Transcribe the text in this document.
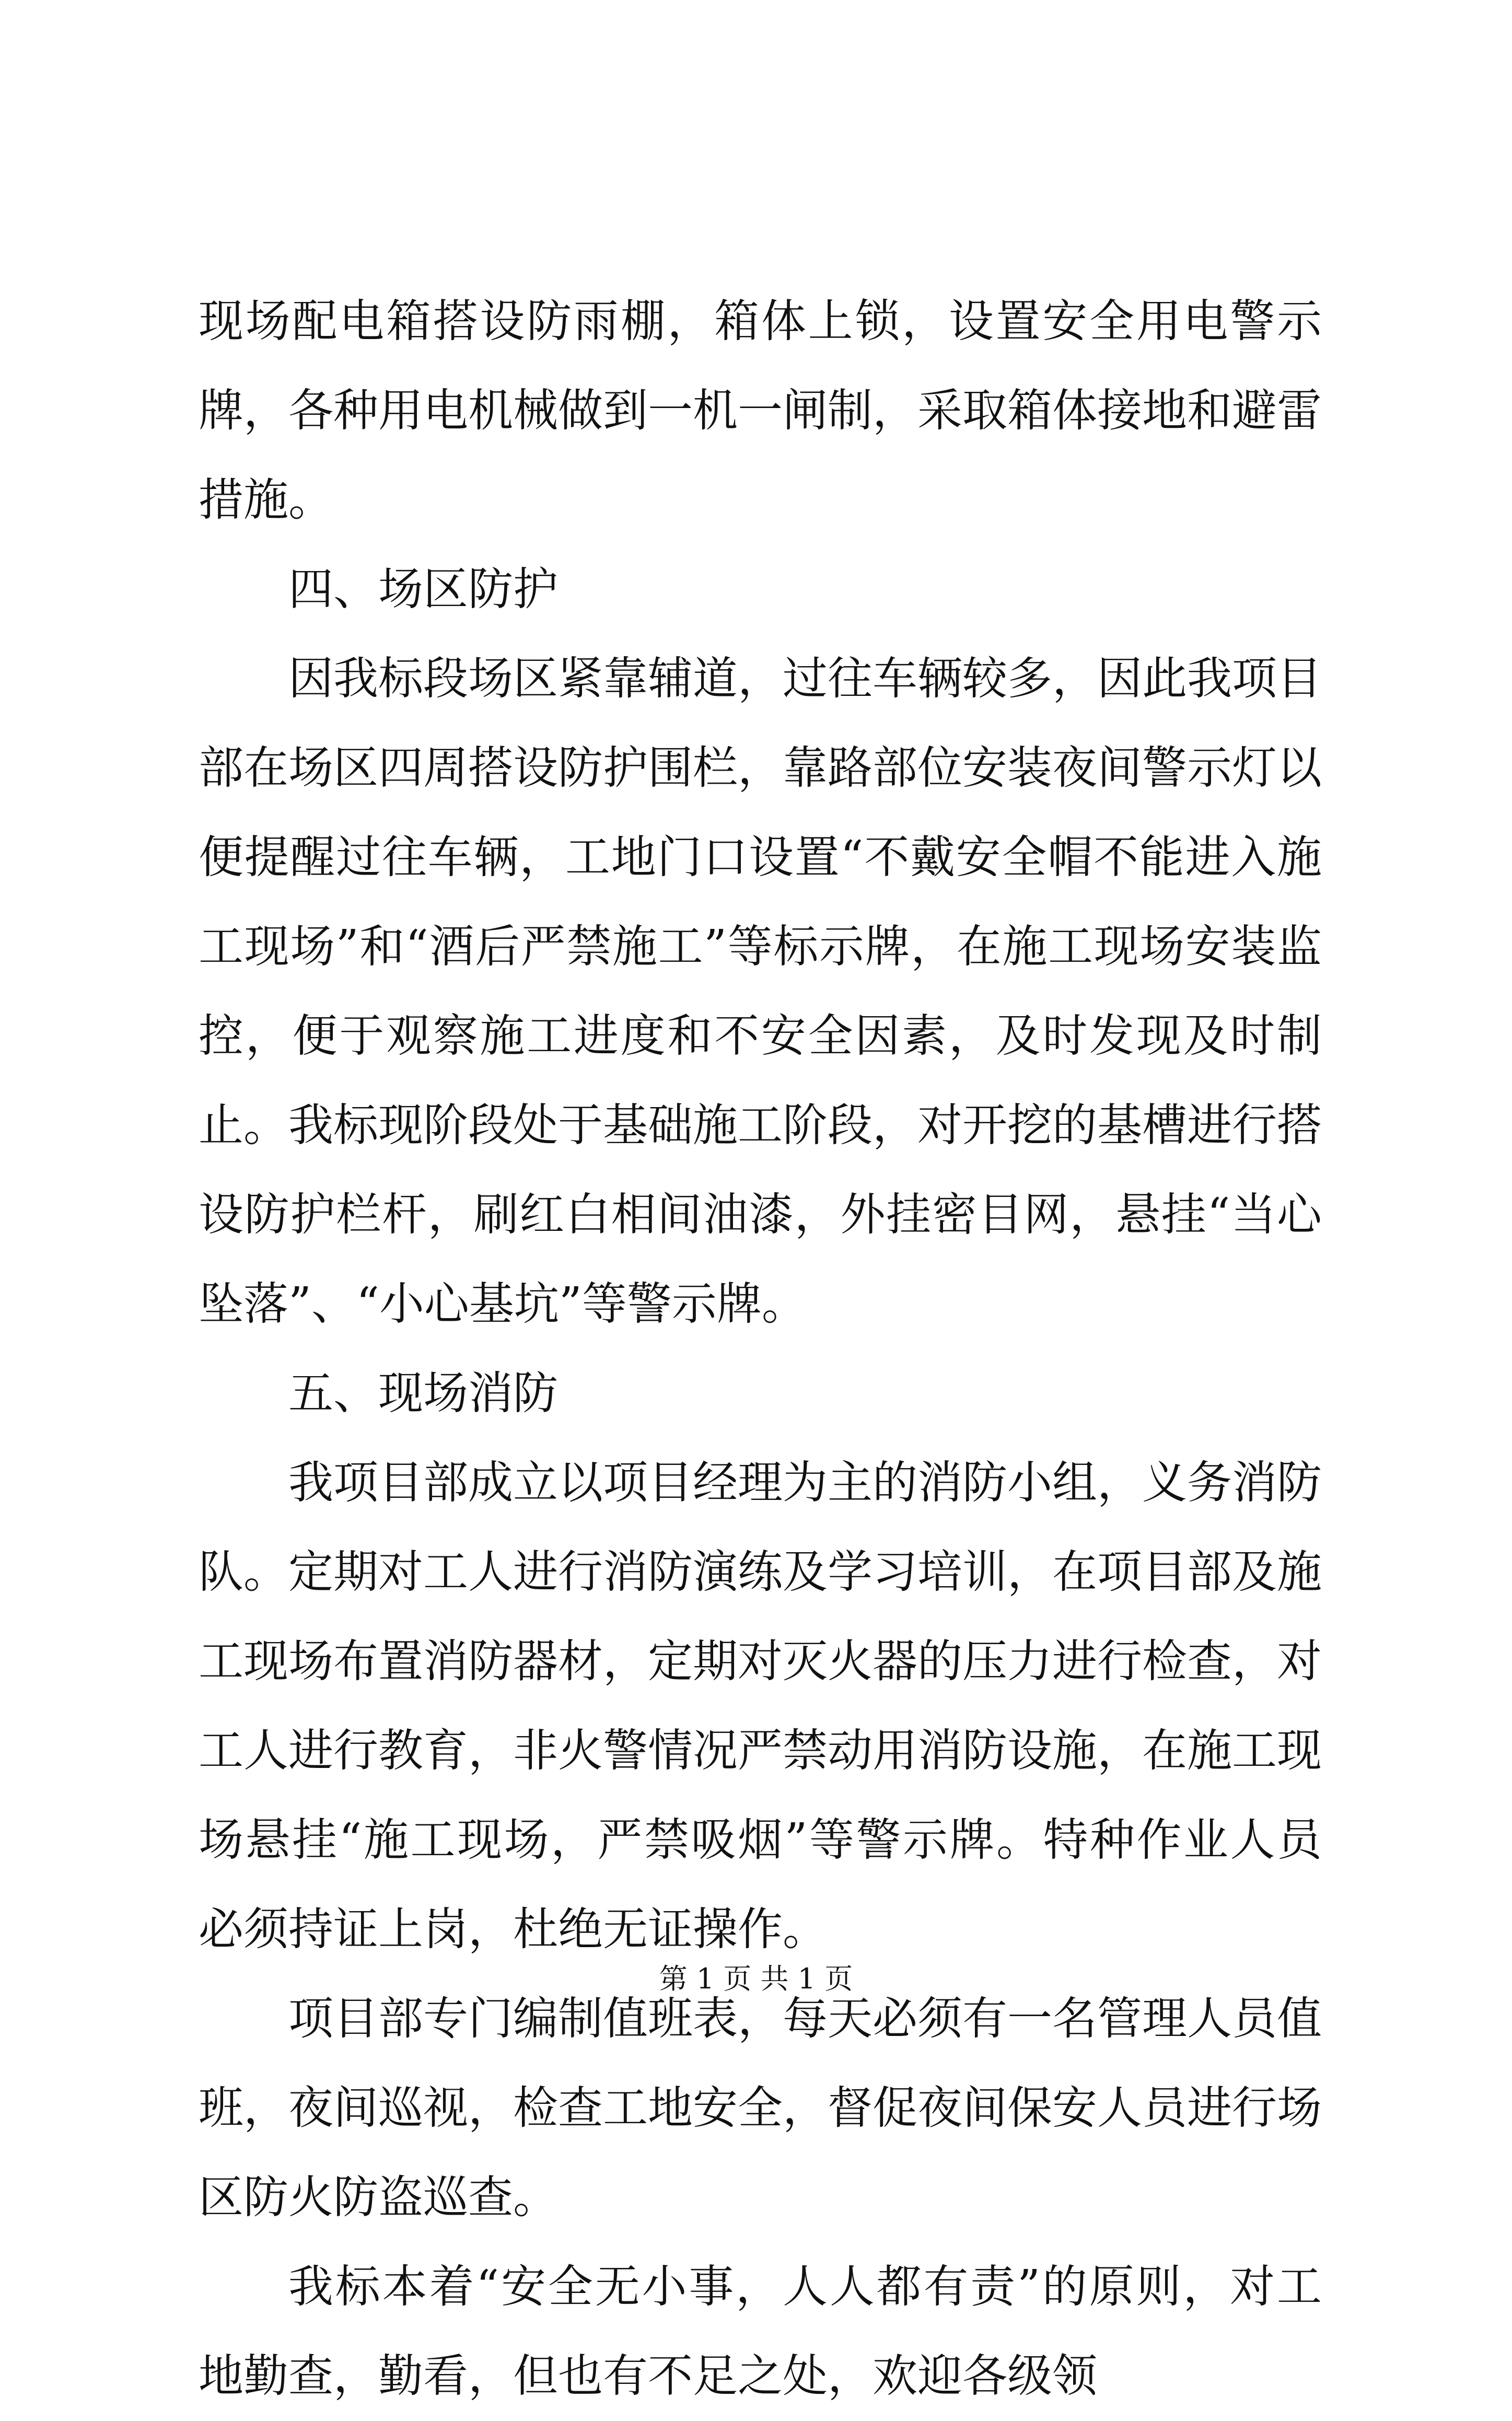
现场配电箱搭设防雨棚，箱体上锁，设置安全用电警示牌，各种用电机械做到一机一闸制，采取箱体接地和避雷措施。

四、场区防护

因我标段场区紧靠辅道，过往车辆较多，因此我项目部在场区四周搭设防护围栏，靠路部位安装夜间警示灯以便提醒过往车辆，工地门口设置“不戴安全帽不能进入施工现场”和“酒后严禁施工”等标示牌，在施工现场安装监控，便于观察施工进度和不安全因素，及时发现及时制止。我标现阶段处于基础施工阶段，对开挖的基槽进行搭设防护栏杆，刷红白相间油漆，外挂密目网，悬挂“当心坠落”、“小心基坑”等警示牌。

五、现场消防

我项目部成立以项目经理为主的消防小组，义务消防队。定期对工人进行消防演练及学习培训，在项目部及施工现场布置消防器材，定期对灭火器的压力进行检查，对工人进行教育，非火警情况严禁动用消防设施，在施工现场悬挂“施工现场，严禁吸烟”等警示牌。特种作业人员必须持证上岗，杜绝无证操作。

项目部专门编制值班表，每天必须有一名管理人员值班，夜间巡视，检查工地安全，督促夜间保安人员进行场区防火防盗巡查。

我标本着“安全无小事，人人都有责”的原则，对工地勤查，勤看，但也有不足之处，欢迎各级领

第 1 页 共 1 页
